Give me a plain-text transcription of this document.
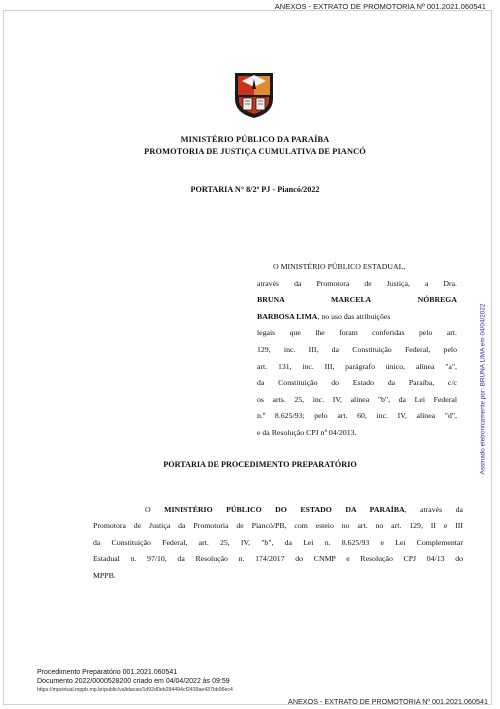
ANEXOS - EXTRATO DE PROMOTORIA Nº 001.2021.060541
MINISTÉRIO PÚBLICO DA PARAÍBA
PROMOTORIA DE JUSTIÇA CUMULATIVA DE PIANCÓ
PORTARIA N° 8/2º PJ - Piancó/2022
O MINISTÉRIO PÚBLICO ESTADUAL,
através da Promotora de Justiça, a Dra.
BRUNA MARCELA NÓBREGA
BARBOSA LIMA, no uso das atribuições
legais que lhe foram conferidas pelo art.
129, inc. III, da Constituição Federal, pelo
art. 131, inc. III, parágrafo único, alínea "a",
da Constituição do Estado da Paraíba, c/c
os arts. 25, inc. IV, alínea "b", da Lei Federal
n.º 8.625/93; pelo art. 60, inc. IV, alínea "d",
e da Resolução CPJ nº 04/2013.	Assinado eletronicamente por: BRUNA LIMA em 04/04/2022
PORTARIA DE PROCEDIMENTO PREPARATÓRIO
O MINISTÉRIO PÚBLICO DO ESTADO DA PARAÍBA, através da
Promotora de Justiça da Promotoria de Piancó/PB, com esteio no art. no art. 129, II e III
da Constituição Federal, art. 25, IV, "b", da Lei n. 8.625/93 e Lei Complementar
Estadual n. 97/10, da Resolução n. 174/2017 do CNMP e Resolução CPJ 04/13 do
MPPB.
Procedimento Preparatório 001.2021.060541
Documento 2022/0000528200 criado em 04/04/2022 às 09:59
https://mpvirtual.mppb.mp.br/public/validacao/1d92d0eb284494cf2439ae437bb96ec4
ANEXOS - EXTRATO DE PROMOTORIA Nº 001.2021.060541
